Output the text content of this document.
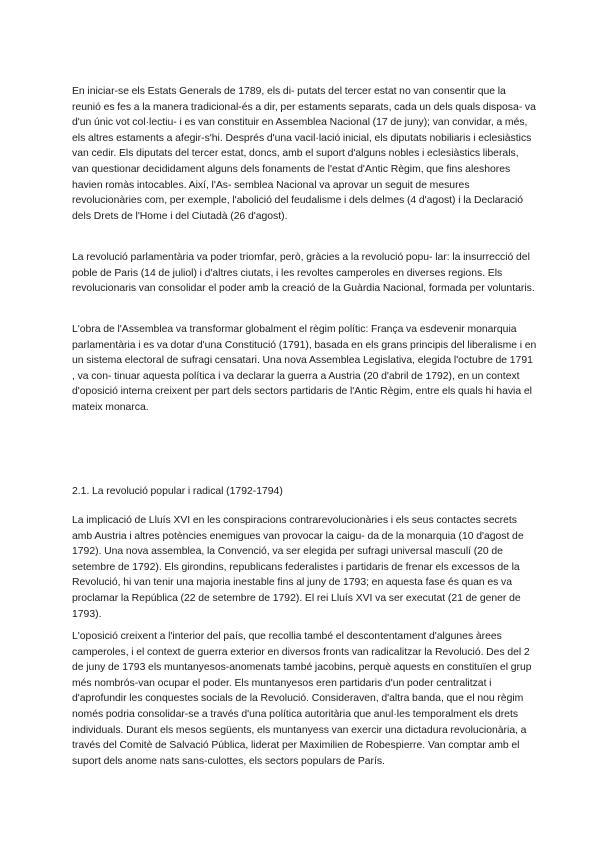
En iniciar-se els Estats Generals de 1789, els di- putats del tercer estat no van consentir que la reunió es fes a la manera tradicional-és a dir, per estaments separats, cada un dels quals disposa- va d'un únic vot col·lectiu- i es van constituir en Assemblea Nacional (17 de juny); van convidar, a més, els altres estaments a afegir-s'hi. Després d'una vacil·lació inicial, els diputats nobiliaris i eclesiàstics van cedir. Els diputats del tercer estat, doncs, amb el suport d'alguns nobles i eclesiàstics liberals, van questionar decididament alguns dels fonaments de l'estat d'Antic Règim, que fins aleshores havien romàs intocables. Així, l'As- semblea Nacional va aprovar un seguit de mesures revolucionàries com, per exemple, l'abolició del feudalisme i dels delmes (4 d'agost) i la Declaració dels Drets de l'Home i del Ciutadà (26 d'agost).

La revolució parlamentària va poder triomfar, però, gràcies a la revolució popu- lar: la insurrecció del poble de Paris (14 de juliol) i d'altres ciutats, i les revoltes camperoles en diverses regions. Els revolucionaris van consolidar el poder amb la creació de la Guàrdia Nacional, formada per voluntaris.

L'obra de l'Assemblea va transformar globalment el règim polític: França va esdevenir monarquia parlamentària i es va dotar d'una Constitució (1791), basada en els grans principis del liberalisme i en un sistema electoral de sufragi censatari. Una nova Assemblea Legislativa, elegida l'octubre de 1791 , va con- tinuar aquesta política i va declarar la guerra a Austria (20 d'abril de 1792), en un context d'oposició interna creixent per part dels sectors partidaris de l'Antic Règim, entre els quals hi havia el mateix monarca.

2.1. La revolució popular i radical (1792-1794)

La implicació de Lluís XVI en les conspiracions contrarevolucionàries i els seus contactes secrets amb Austria i altres potències enemigues van provocar la caigu- da de la monarquia (10 d'agost de 1792). Una nova assemblea, la Convenció, va ser elegida per sufragi universal masculí (20 de setembre de 1792). Els girondins, republicans federalistes i partidaris de frenar els excessos de la Revolució, hi van tenir una majoria inestable fins al juny de 1793; en aquesta fase és quan es va proclamar la República (22 de setembre de 1792). El rei Lluís XVI va ser executat (21 de gener de 1793).

L'oposició creixent a l'interior del país, que recollia també el descontentament d'algunes àrees camperoles, i el context de guerra exterior en diversos fronts van radicalitzar la Revolució. Des del 2 de juny de 1793 els muntanyesos-anomenats també jacobins, perquè aquests en constituïen el grup més nombrós-van ocupar el poder. Els muntanyesos eren partidaris d'un poder centralitzat i d'aprofundir les conquestes socials de la Revolució. Consideraven, d'altra banda, que el nou règim només podria consolidar-se a través d'una política autoritària que anul·les temporalment els drets individuals. Durant els mesos següents, els muntanyess van exercir una dictadura revolucionària, a través del Comitè de Salvació Pública, liderat per Maximilien de Robespierre. Van comptar amb el suport dels anome nats sans-culottes, els sectors populars de París.
